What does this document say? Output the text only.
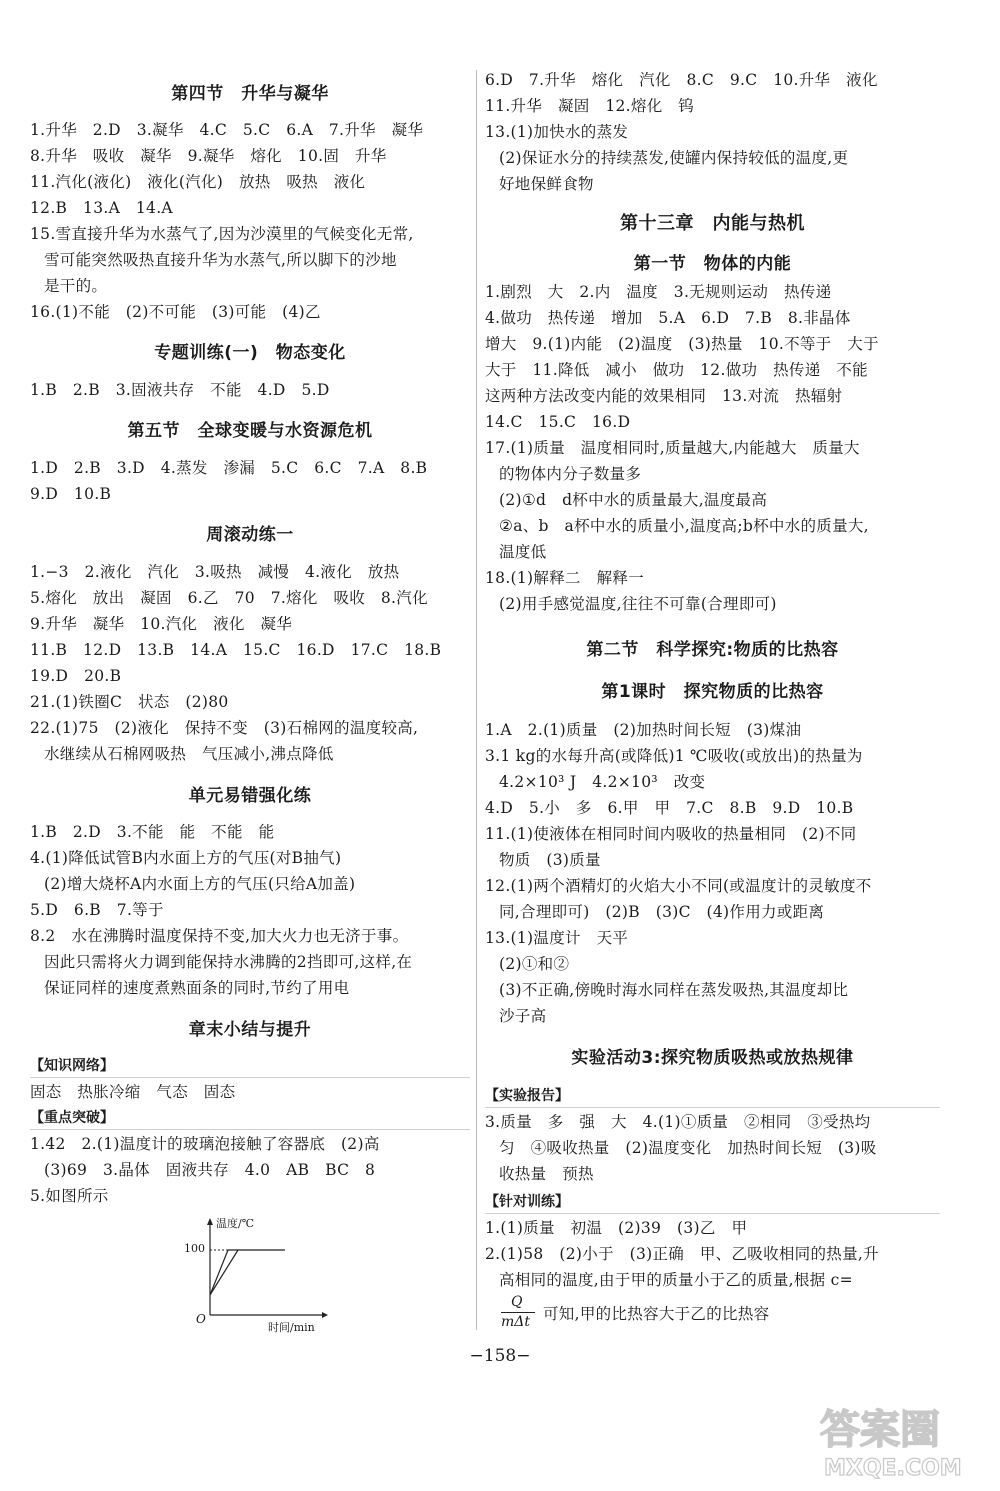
第四节　升华与凝华
1.升华　2.D　3.凝华　4.C　5.C　6.A　7.升华　凝华
8.升华　吸收　凝华　9.凝华　熔化　10.固　升华
11.汽化(液化)　液化(汽化)　放热　吸热　液化
12.B　13.A　14.A
15.雪直接升华为水蒸气了,因为沙漠里的气候变化无常,
雪可能突然吸热直接升华为水蒸气,所以脚下的沙地
是干的。
16.(1)不能　(2)不可能　(3)可能　(4)乙
专题训练(一)　物态变化
1.B　2.B　3.固液共存　不能　4.D　5.D
第五节　全球变暖与水资源危机
1.D　2.B　3.D　4.蒸发　渗漏　5.C　6.C　7.A　8.B
9.D　10.B
周滚动练一
1.−3　2.液化　汽化　3.吸热　减慢　4.液化　放热
5.熔化　放出　凝固　6.乙　70　7.熔化　吸收　8.汽化
9.升华　凝华　10.汽化　液化　凝华
11.B　12.D　13.B　14.A　15.C　16.D　17.C　18.B
19.D　20.B
21.(1)铁圈C　状态　(2)80
22.(1)75　(2)液化　保持不变　(3)石棉网的温度较高,
水继续从石棉网吸热　气压减小,沸点降低
单元易错强化练
1.B　2.D　3.不能　能　不能　能
4.(1)降低试管B内水面上方的气压(对B抽气)
(2)增大烧杯A内水面上方的气压(只给A加盖)
5.D　6.B　7.等于
8.2　水在沸腾时温度保持不变,加大火力也无济于事。
因此只需将火力调到能保持水沸腾的2挡即可,这样,在
保证同样的速度煮熟面条的同时,节约了用电
章末小结与提升
【知识网络】
固态　热胀冷缩　气态　固态
【重点突破】
1.42　2.(1)温度计的玻璃泡接触了容器底　(2)高
(3)69　3.晶体　固液共存　4.0　AB　BC　8
5.如图所示
温度/℃
100
O
时间/min
6.D　7.升华　熔化　汽化　8.C　9.C　10.升华　液化
11.升华　凝固　12.熔化　钨
13.(1)加快水的蒸发
(2)保证水分的持续蒸发,使罐内保持较低的温度,更
好地保鲜食物
第十三章　内能与热机
第一节　物体的内能
1.剧烈　大　2.内　温度　3.无规则运动　热传递
4.做功　热传递　增加　5.A　6.D　7.B　8.非晶体
增大　9.(1)内能　(2)温度　(3)热量　10.不等于　大于
大于　11.降低　减小　做功　12.做功　热传递　不能
这两种方法改变内能的效果相同　13.对流　热辐射
14.C　15.C　16.D
17.(1)质量　温度相同时,质量越大,内能越大　质量大
的物体内分子数量多
(2)①d　d杯中水的质量最大,温度最高
②a、b　a杯中水的质量小,温度高;b杯中水的质量大,
温度低
18.(1)解释二　解释一
(2)用手感觉温度,往往不可靠(合理即可)
第二节　科学探究:物质的比热容
第1课时　探究物质的比热容
1.A　2.(1)质量　(2)加热时间长短　(3)煤油
3.1 kg的水每升高(或降低)1 ℃吸收(或放出)的热量为
4.2×10³ J　4.2×10³　改变
4.D　5.小　多　6.甲　甲　7.C　8.B　9.D　10.B
11.(1)使液体在相同时间内吸收的热量相同　(2)不同
物质　(3)质量
12.(1)两个酒精灯的火焰大小不同(或温度计的灵敏度不
同,合理即可)　(2)B　(3)C　(4)作用力或距离
13.(1)温度计　天平
(2)①和②
(3)不正确,傍晚时海水同样在蒸发吸热,其温度却比
沙子高
实验活动3:探究物质吸热或放热规律
【实验报告】
3.质量　多　强　大　4.(1)①质量　②相同　③受热均
匀　④吸收热量　(2)温度变化　加热时间长短　(3)吸
收热量　预热
【针对训练】
1.(1)质量　初温　(2)39　(3)乙　甲
2.(1)58　(2)小于　(3)正确　甲、乙吸收相同的热量,升
高相同的温度,由于甲的质量小于乙的质量,根据 c=
Q
mΔt 可知,甲的比热容大于乙的比热容
−158−
答案圈
MXQE.COM
